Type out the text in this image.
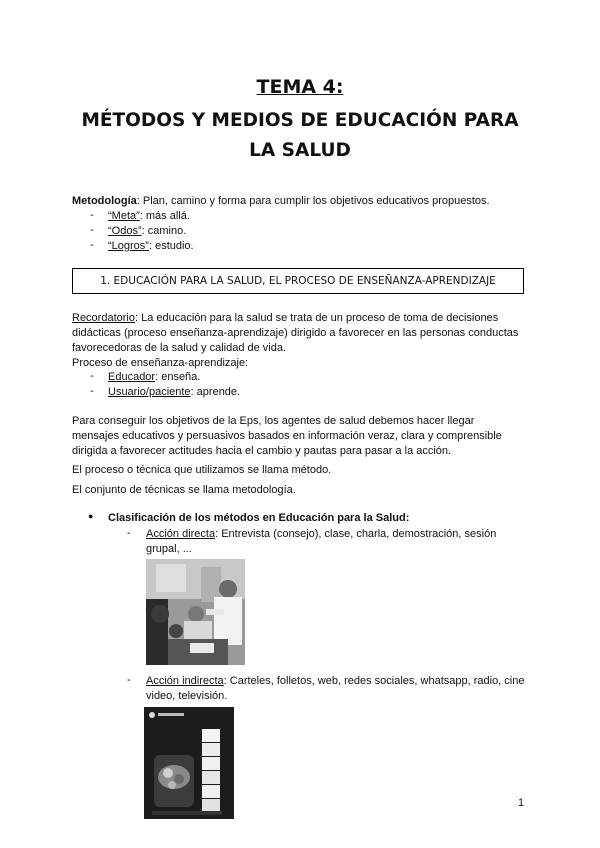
TEMA 4:
MÉTODOS Y MEDIOS DE EDUCACIÓN PARA LA SALUD
Metodología: Plan, camino y forma para cumplir los objetivos educativos propuestos.
- “Meta”: más allá.
- “Odos”: camino.
- “Logros”: estudio.
1. EDUCACIÓN PARA LA SALUD, EL PROCESO DE ENSEÑANZA-APRENDIZAJE
Recordatorio: La educación para la salud se trata de un proceso de toma de decisiones
didácticas (proceso enseñanza-aprendizaje) dirigido a favorecer en las personas conductas
favorecedoras de la salud y calidad de vida.
Proceso de enseñanza-aprendizaje:
- Educador: enseña.
- Usuario/paciente: aprende.
Para conseguir los objetivos de la Eps, los agentes de salud debemos hacer llegar
mensajes educativos y persuasivos basados en información veraz, clara y comprensible
dirigida a favorecer actitudes hacia el cambio y pautas para pasar a la acción.
El proceso o técnica que utilizamos se llama método.
El conjunto de técnicas se llama metodología.
● Clasificación de los métodos en Educación para la Salud:
- Acción directa: Entrevista (consejo), clase, charla, demostración, sesión
grupal, ...
- Acción indirecta: Carteles, folletos, web, redes sociales, whatsapp, radio, cine
video, televisión.
1
